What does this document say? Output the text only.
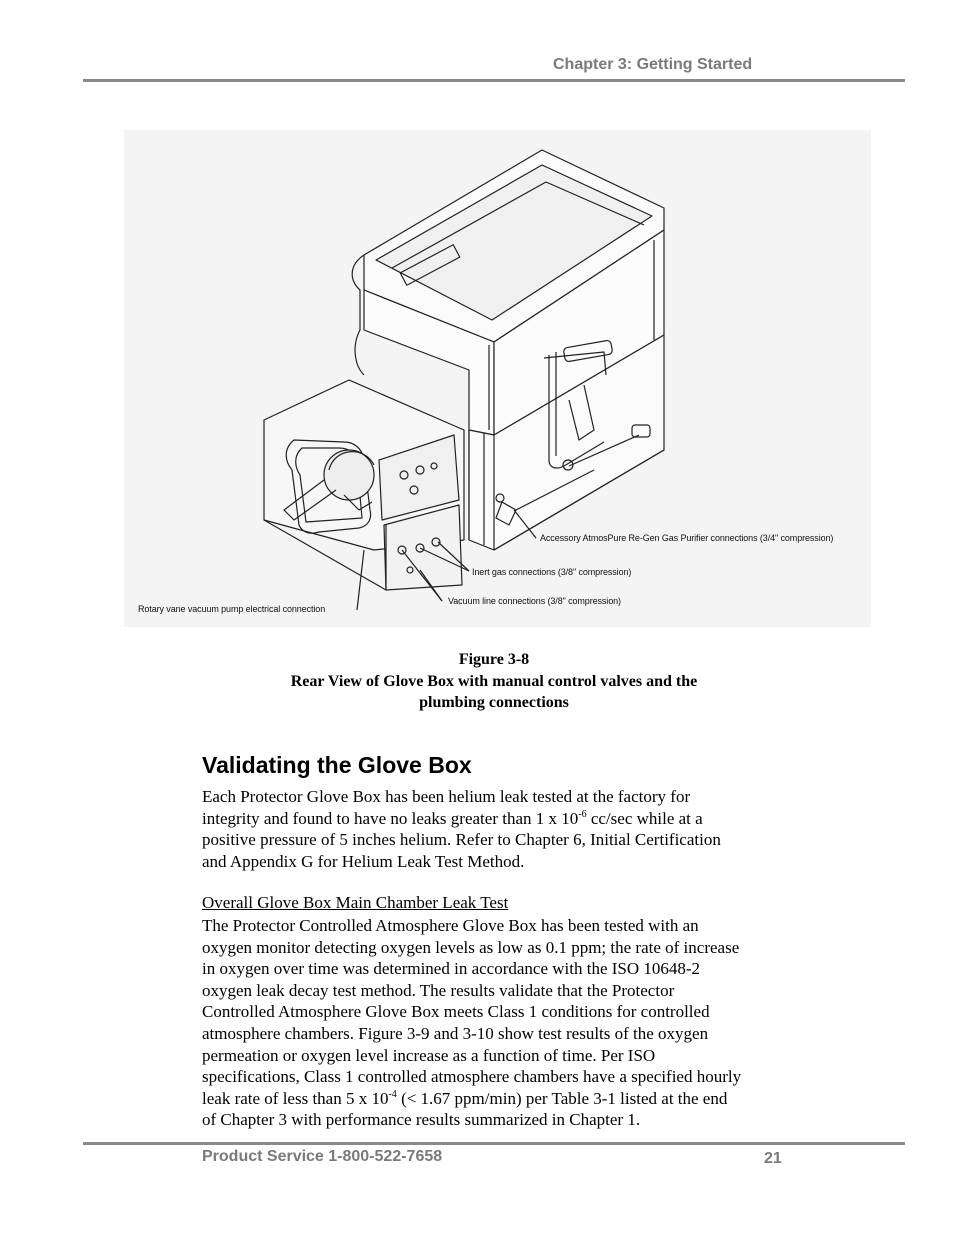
Chapter 3: Getting Started
Accessory AtmosPure Re-Gen Gas Purifier connections (3/4" compression)
Inert gas connections (3/8" compression)
Vacuum line connections (3/8" compression)
Rotary vane vacuum pump electrical connection
Figure 3-8
Rear View of Glove Box with manual control valves and the
plumbing connections
Validating the Glove Box
Each Protector Glove Box has been helium leak tested at the factory for
integrity and found to have no leaks greater than 1 x $10^{-6}$ cc/sec while at a
positive pressure of 5 inches helium. Refer to Chapter 6, Initial Certification
and Appendix G for Helium Leak Test Method.
Overall Glove Box Main Chamber Leak Test
The Protector Controlled Atmosphere Glove Box has been tested with an
oxygen monitor detecting oxygen levels as low as 0.1 ppm; the rate of increase
in oxygen over time was determined in accordance with the ISO 10648-2
oxygen leak decay test method. The results validate that the Protector
Controlled Atmosphere Glove Box meets Class 1 conditions for controlled
atmosphere chambers. Figure 3-9 and 3-10 show test results of the oxygen
permeation or oxygen level increase as a function of time. Per ISO
specifications, Class 1 controlled atmosphere chambers have a specified hourly
leak rate of less than 5 x $10^{-4}$ (< 1.67 ppm/min) per Table 3-1 listed at the end
of Chapter 3 with performance results summarized in Chapter 1.
Product Service 1-800-522-7658	21
